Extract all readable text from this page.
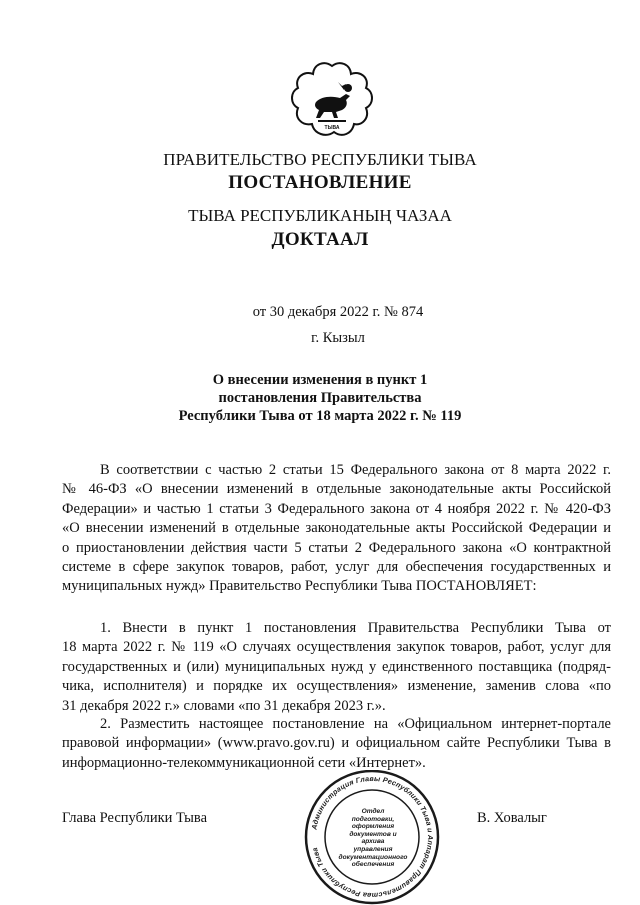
ТЫВА
ПРАВИТЕЛЬСТВО РЕСПУБЛИКИ ТЫВА
ПОСТАНОВЛЕНИЕ
ТЫВА РЕСПУБЛИКАНЫҢ ЧАЗАА
ДОКТААЛ
от 30 декабря 2022 г. № 874
г. Кызыл
О внесении изменения в пункт 1
постановления Правительства
Республики Тыва от 18 марта 2022 г. № 119
В соответствии с частью 2 статьи 15 Федерального закона от 8 марта 2022 г.
№ 46-ФЗ «О внесении изменений в отдельные законодательные акты Российской
Федерации» и частью 1 статьи 3 Федерального закона от 4 ноября 2022 г. № 420-ФЗ
«О внесении изменений в отдельные законодательные акты Российской Федерации и
о приостановлении действия части 5 статьи 2 Федерального закона «О контрактной
системе в сфере закупок товаров, работ, услуг для обеспечения государственных и
муниципальных нужд» Правительство Республики Тыва ПОСТАНОВЛЯЕТ:
1. Внести в пункт 1 постановления Правительства Республики Тыва от
18 марта 2022 г. № 119 «О случаях осуществления закупок товаров, работ, услуг для
государственных и (или) муниципальных нужд у единственного поставщика (подряд-
чика, исполнителя) и порядке их осуществления» изменение, заменив слова «по
31 декабря 2022 г.» словами «по 31 декабря 2023 г.».
2. Разместить настоящее постановление на «Официальном интернет-портале
правовой информации» (www.pravo.gov.ru) и официальном сайте Республики Тыва в
информационно-телекоммуникационной сети «Интернет».
Глава Республики Тыва	В. Ховалыг
Администрация Главы Республики Тыва и Аппарат Правительства Республики Тыва
Отдел
подготовки,
оформления
документов и архива
управления
документационного
обеспечения
